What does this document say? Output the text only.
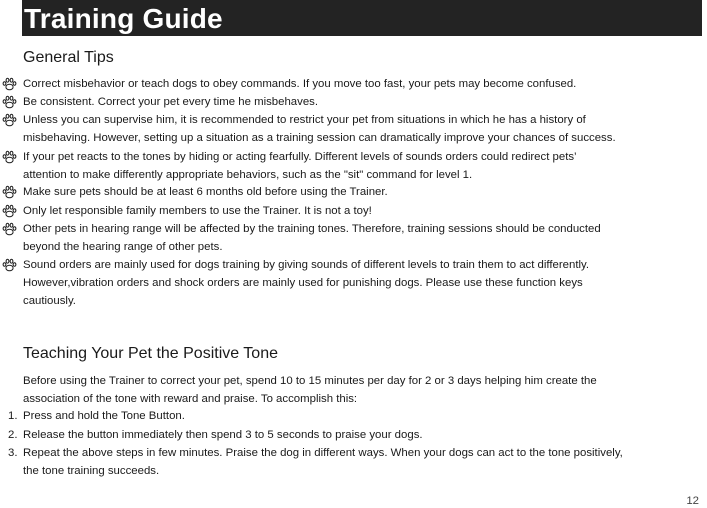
Training Guide
General Tips
Correct misbehavior or teach dogs to obey commands. If you move too fast, your pets may become confused.
Be consistent. Correct your pet every time he misbehaves.
Unless you can supervise him, it is recommended to restrict your pet from situations in which he has a history of
misbehaving. However, setting up a situation as a training session can dramatically improve your chances of success.
If your pet reacts to the tones by hiding or acting fearfully. Different levels of sounds orders could redirect pets’
attention to make differently appropriate behaviors, such as the "sit" command for level 1.
Make sure pets should be at least 6 months old before using the Trainer.
Only let responsible family members to use the Trainer. It is not a toy!
Other pets in hearing range will be affected by the training tones. Therefore, training sessions should be conducted
beyond the hearing range of other pets.
Sound orders are mainly used for dogs training by giving sounds of different levels to train them to act differently.
However,vibration orders and shock orders are mainly used for punishing dogs. Please use these function keys
cautiously.
Teaching Your Pet the Positive Tone
Before using the Trainer to correct your pet, spend 10 to 15 minutes per day for 2 or 3 days helping him create the
association of the tone with reward and praise. To accomplish this:
1. Press and hold the Tone Button.
2. Release the button immediately then spend 3 to 5 seconds to praise your dogs.
3. Repeat the above steps in few minutes. Praise the dog in different ways. When your dogs can act to the tone positively,
the tone training succeeds.
12
